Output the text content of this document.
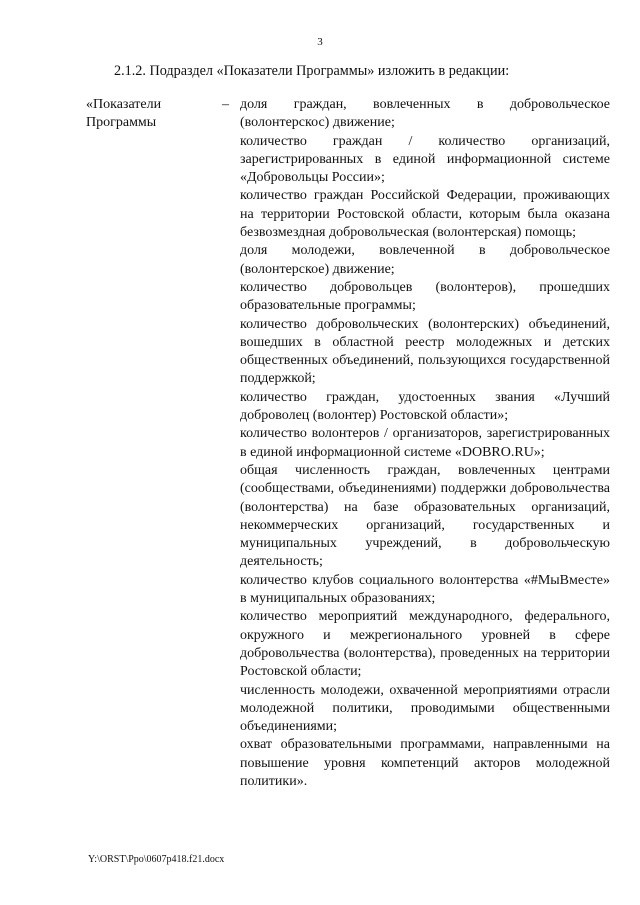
3
2.1.2. Подраздел «Показатели Программы» изложить в редакции:
«Показатели
Программы
– доля граждан, вовлеченных в добровольческое (волонтерскос) движение;

количество граждан / количество организаций, зарегистрированных в единой информационной системе «Добровольцы России»;

количество граждан Российской Федерации, проживающих на территории Ростовской области, которым была оказана безвозмездная добровольческая (волонтерская) помощь;

доля молодежи, вовлеченной в добровольческое (волонтерское) движение;

количество добровольцев (волонтеров), прошедших образовательные программы;

количество добровольческих (волонтерских) объединений, вошедших в областной реестр молодежных и детских общественных объединений, пользующихся государственной поддержкой;

количество граждан, удостоенных звания «Лучший доброволец (волонтер) Ростовской области»;

количество волонтеров / организаторов, зарегистрированных в единой информационной системе «DOBRO.RU»;

общая численность граждан, вовлеченных центрами (сообществами, объединениями) поддержки добровольчества (волонтерства) на базе образовательных организаций, некоммерческих организаций, государственных и муниципальных учреждений, в добровольческую деятельность;

количество клубов социального волонтерства «#МыВместе» в муниципальных образованиях;

количество мероприятий международного, федерального, окружного и межрегионального уровней в сфере добровольчества (волонтерства), проведенных на территории Ростовской области;

численность молодежи, охваченной мероприятиями отрасли молодежной политики, проводимыми общественными объединениями;

охват образовательными программами, направленными на повышение уровня компетенций акторов молодежной политики».

Y:\ORST\Ppo\0607p418.f21.docx
